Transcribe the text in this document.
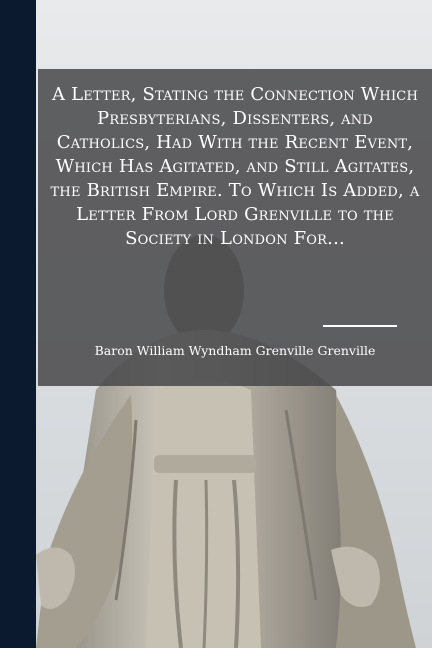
A Letter, Stating the Connection Which Presbyterians, Dissenters, and Catholics, Had With the Recent Event, Which Has Agitated, and Still Agitates, the British Empire. To Which Is Added, a Letter From Lord Grenville to the Society in London For...
Baron William Wyndham Grenville Grenville
